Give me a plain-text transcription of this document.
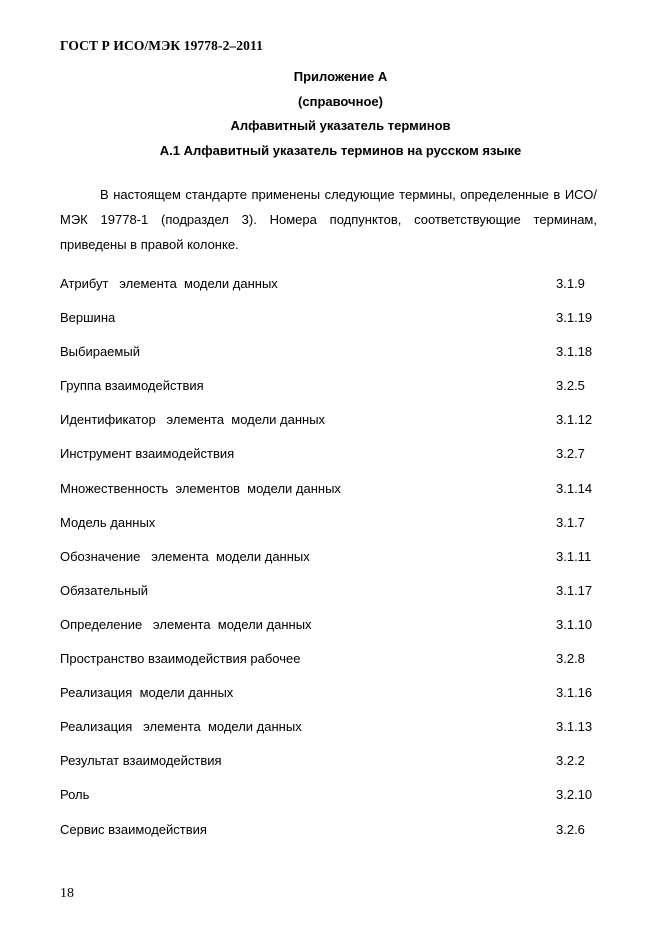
ГОСТ Р ИСО/МЭК 19778-2–2011
Приложение А
(справочное)
Алфавитный указатель терминов
А.1 Алфавитный указатель терминов на русском языке

В настоящем стандарте применены следующие термины, определенные в ИСО/МЭК 19778-1 (подраздел 3). Номера подпунктов, соответствующие терминам, приведены в правой колонке.

Атрибут   элемента  модели данных	3.1.9
Вершина	3.1.19
Выбираемый	3.1.18
Группа взаимодействия	3.2.5
Идентификатор   элемента  модели данных	3.1.12
Инструмент взаимодействия	3.2.7
Множественность  элементов  модели данных	3.1.14
Модель данных	3.1.7
Обозначение   элемента  модели данных	3.1.11
Обязательный	3.1.17
Определение   элемента  модели данных	3.1.10
Пространство взаимодействия рабочее	3.2.8
Реализация  модели данных	3.1.16
Реализация   элемента  модели данных	3.1.13
Результат взаимодействия	3.2.2
Роль	3.2.10
Сервис взаимодействия	3.2.6
18
